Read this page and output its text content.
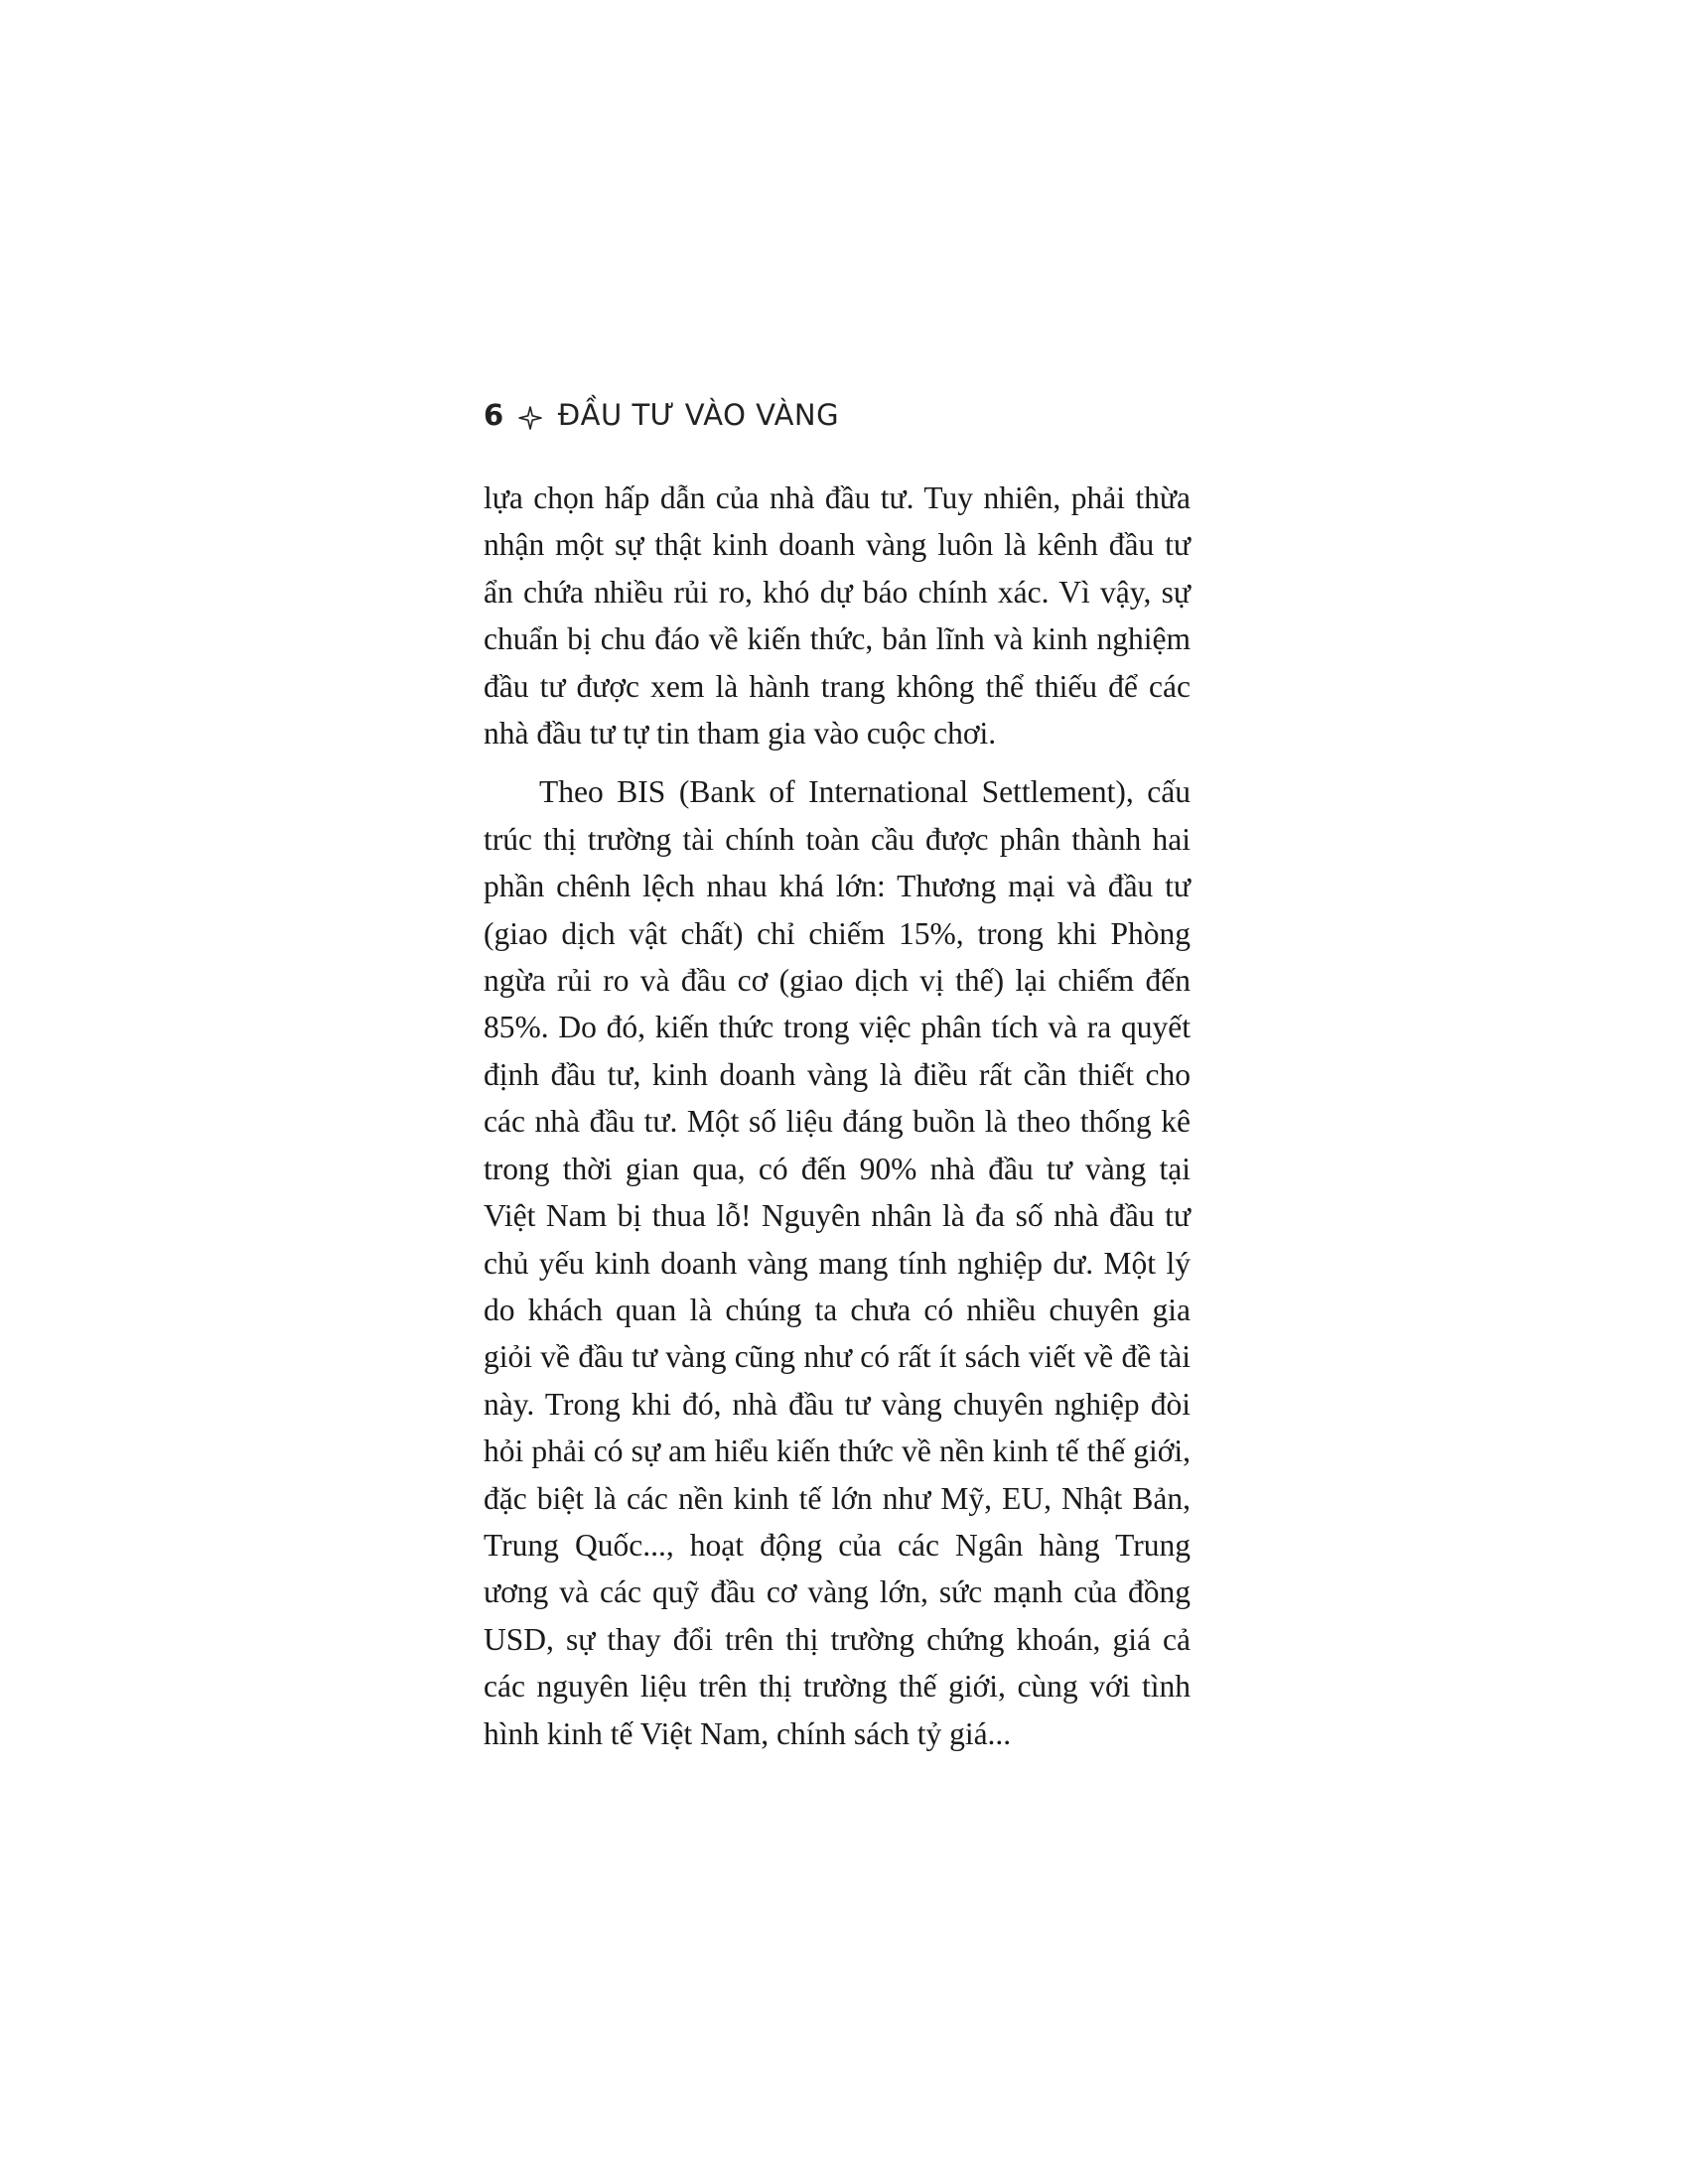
6 ĐẦU TƯ VÀO VÀNG

lựa chọn hấp dẫn của nhà đầu tư. Tuy nhiên, phải thừa nhận một sự thật kinh doanh vàng luôn là kênh đầu tư ẩn chứa nhiều rủi ro, khó dự báo chính xác. Vì vậy, sự chuẩn bị chu đáo về kiến thức, bản lĩnh và kinh nghiệm đầu tư được xem là hành trang không thể thiếu để các nhà đầu tư tự tin tham gia vào cuộc chơi.

Theo BIS (Bank of International Settlement), cấu trúc thị trường tài chính toàn cầu được phân thành hai phần chênh lệch nhau khá lớn: Thương mại và đầu tư (giao dịch vật chất) chỉ chiếm 15%, trong khi Phòng ngừa rủi ro và đầu cơ (giao dịch vị thế) lại chiếm đến 85%. Do đó, kiến thức trong việc phân tích và ra quyết định đầu tư, kinh doanh vàng là điều rất cần thiết cho các nhà đầu tư. Một số liệu đáng buồn là theo thống kê trong thời gian qua, có đến 90% nhà đầu tư vàng tại Việt Nam bị thua lỗ! Nguyên nhân là đa số nhà đầu tư chủ yếu kinh doanh vàng mang tính nghiệp dư. Một lý do khách quan là chúng ta chưa có nhiều chuyên gia giỏi về đầu tư vàng cũng như có rất ít sách viết về đề tài này. Trong khi đó, nhà đầu tư vàng chuyên nghiệp đòi hỏi phải có sự am hiểu kiến thức về nền kinh tế thế giới, đặc biệt là các nền kinh tế lớn như Mỹ, EU, Nhật Bản, Trung Quốc..., hoạt động của các Ngân hàng Trung ương và các quỹ đầu cơ vàng lớn, sức mạnh của đồng USD, sự thay đổi trên thị trường chứng khoán, giá cả các nguyên liệu trên thị trường thế giới, cùng với tình hình kinh tế Việt Nam, chính sách tỷ giá...
